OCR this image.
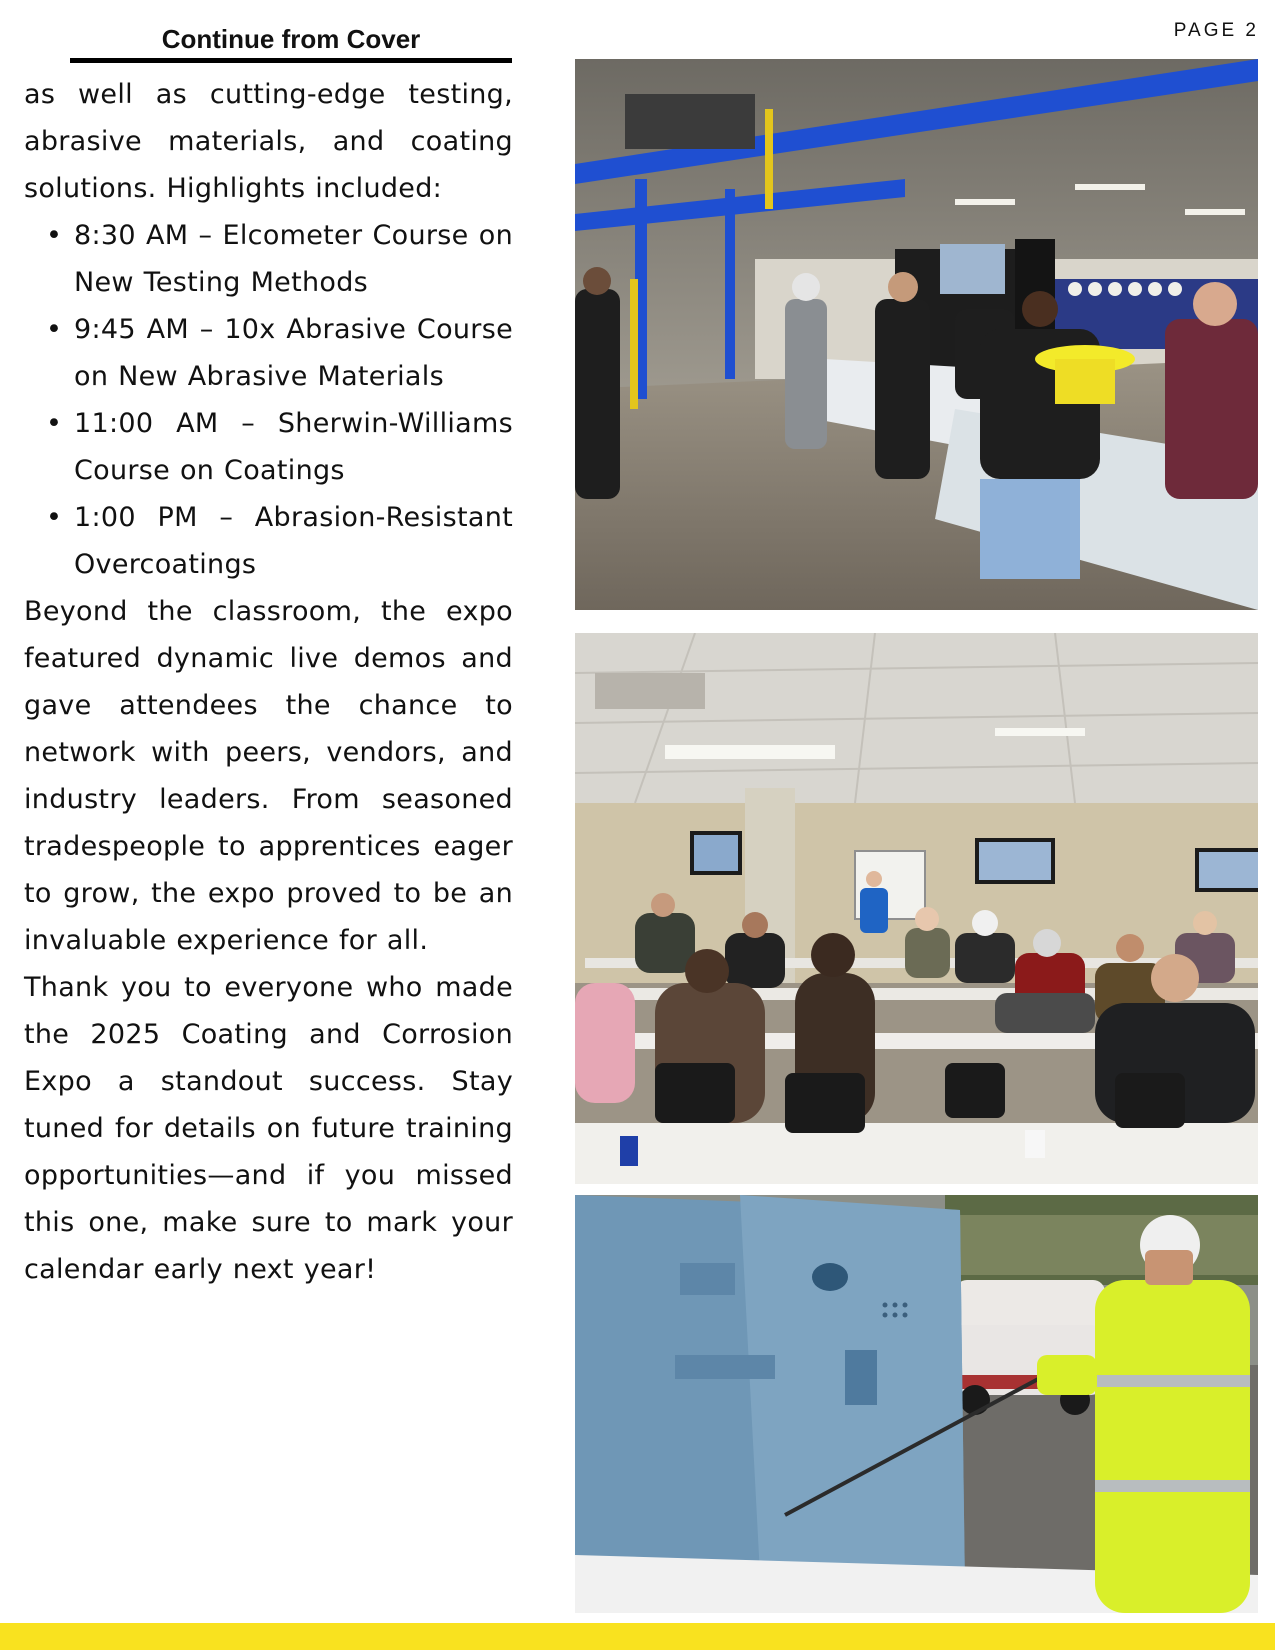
PAGE 2
Continue from Cover

as well as cutting-edge testing, abrasive materials, and coating solutions. Highlights included:

• 8:30 AM – Elcometer Course on New Testing Methods
• 9:45 AM – 10x Abrasive Course on New Abrasive Materials
• 11:00 AM – Sherwin-Williams Course on Coatings
• 1:00 PM – Abrasion-Resistant Overcoatings

Beyond the classroom, the expo featured dynamic live demos and gave attendees the chance to network with peers, vendors, and industry leaders. From seasoned tradespeople to apprentices eager to grow, the expo proved to be an invaluable experience for all.

Thank you to everyone who made the 2025 Coating and Corrosion Expo a standout success. Stay tuned for details on future training opportunities—and if you missed this one, make sure to mark your calendar early next year!
